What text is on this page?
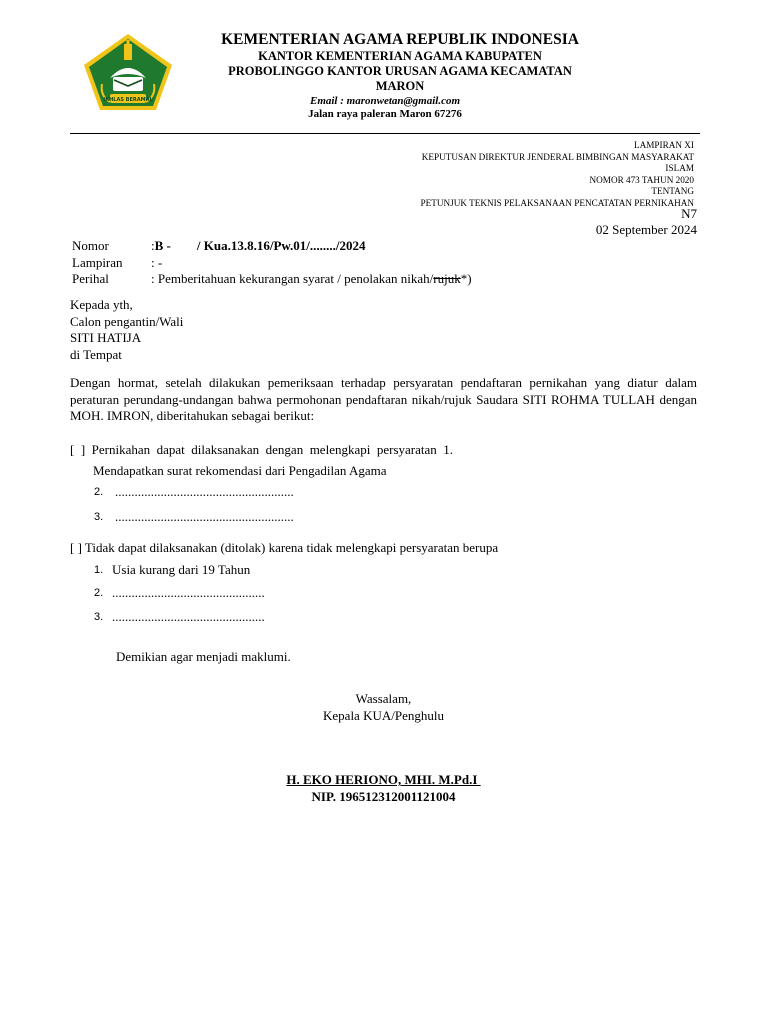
IKHLAS BERAMAL
KEMENTERIAN AGAMA REPUBLIK INDONESIA
KANTOR KEMENTERIAN AGAMA KABUPATEN
PROBOLINGGO KANTOR URUSAN AGAMA KECAMATAN
MARON
Email : maronwetan@gmail.com
Jalan raya paleran Maron 67276
LAMPIRAN XI
KEPUTUSAN DIREKTUR JENDERAL BIMBINGAN MASYARAKAT
ISLAM
NOMOR 473 TAHUN 2020
TENTANG
PETUNJUK TEKNIS PELAKSANAAN PENCATATAN PERNIKAHAN
N7
02 September 2024
Nomor	:B -        / Kua.13.8.16/Pw.01/......../2024
Lampiran : -
Perihal	: Pemberitahuan kekurangan syarat / penolakan nikah/rujuk*)
Kepada yth,
Calon pengantin/Wali
SITI HATIJA
di Tempat
Dengan hormat, setelah dilakukan pemeriksaan terhadap persyaratan pendaftaran pernikahan yang diatur dalam peraturan perundang-undangan bahwa permohonan pendaftaran nikah/rujuk Saudara SITI ROHMA TULLAH dengan MOH. IMRON, diberitahukan sebagai berikut:
[  ]  Pernikahan  dapat  dilaksanakan  dengan  melengkapi  persyaratan  1.
Mendapatkan surat rekomendasi dari Pengadilan Agama
2. .......................................................
3. .......................................................
[ ] Tidak dapat dilaksanakan (ditolak) karena tidak melengkapi persyaratan berupa
1. Usia kurang dari 19 Tahun
2. ...............................................
3. ...............................................
Demikian agar menjadi maklumi.
Wassalam,
Kepala KUA/Penghulu
H. EKO HERIONO, MHI. M.Pd.I
NIP. 196512312001121004
